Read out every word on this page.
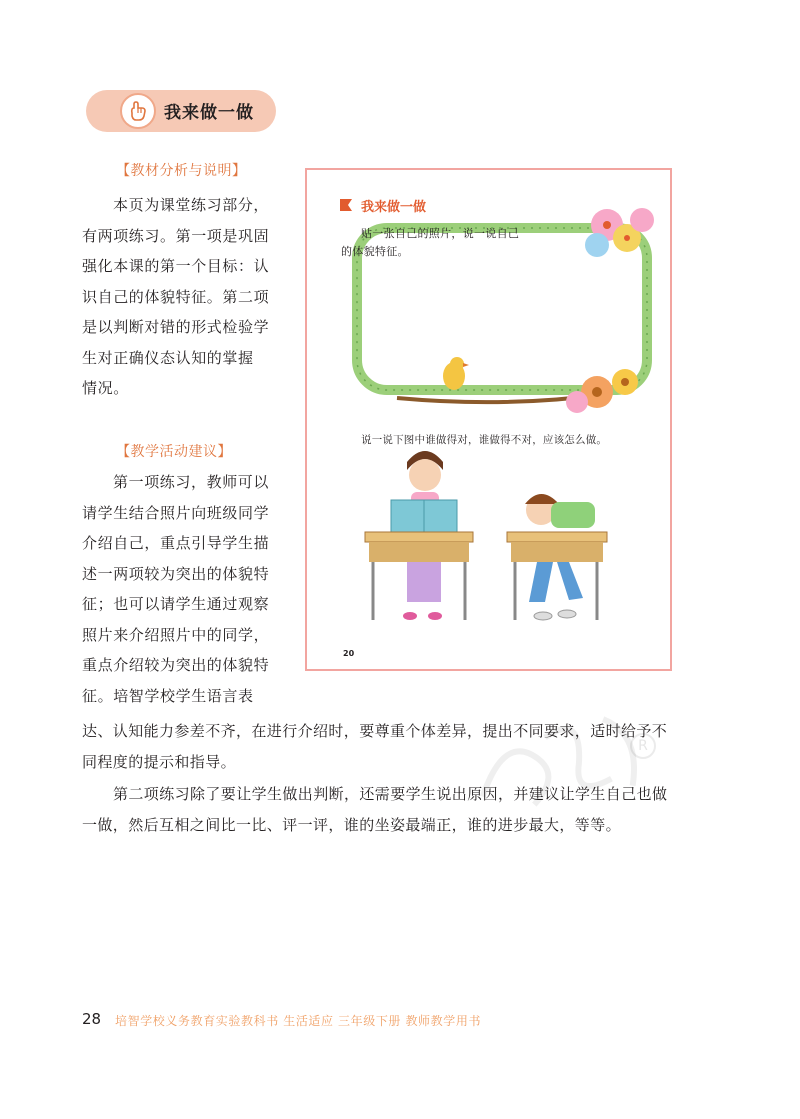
我来做一做
【教材分析与说明】
本页为课堂练习部分，
有两项练习。第一项是巩固
强化本课的第一个目标：认
识自己的体貌特征。第二项
是以判断对错的形式检验学
生对正确仪态认知的掌握
情况。
【教学活动建议】
第一项练习，教师可以
请学生结合照片向班级同学
介绍自己，重点引导学生描
述一两项较为突出的体貌特
征；也可以请学生通过观察
照片来介绍照片中的同学，
重点介绍较为突出的体貌特
征。培智学校学生语言表
达、认知能力参差不齐，在进行介绍时，要尊重个体差异，提出不同要求，适时给予不
同程度的提示和指导。
第二项练习除了要让学生做出判断，还需要学生说出原因，并建议让学生自己也做
一做，然后互相之间比一比、评一评，谁的坐姿最端正，谁的进步最大，等等。
R
我来做一做
贴一张自己的照片，说一说自己
的体貌特征。
说一说下图中谁做得对，谁做得不对，应该怎么做。
20
28 培智学校义务教育实验教科书 生活适应 三年级下册 教师教学用书
